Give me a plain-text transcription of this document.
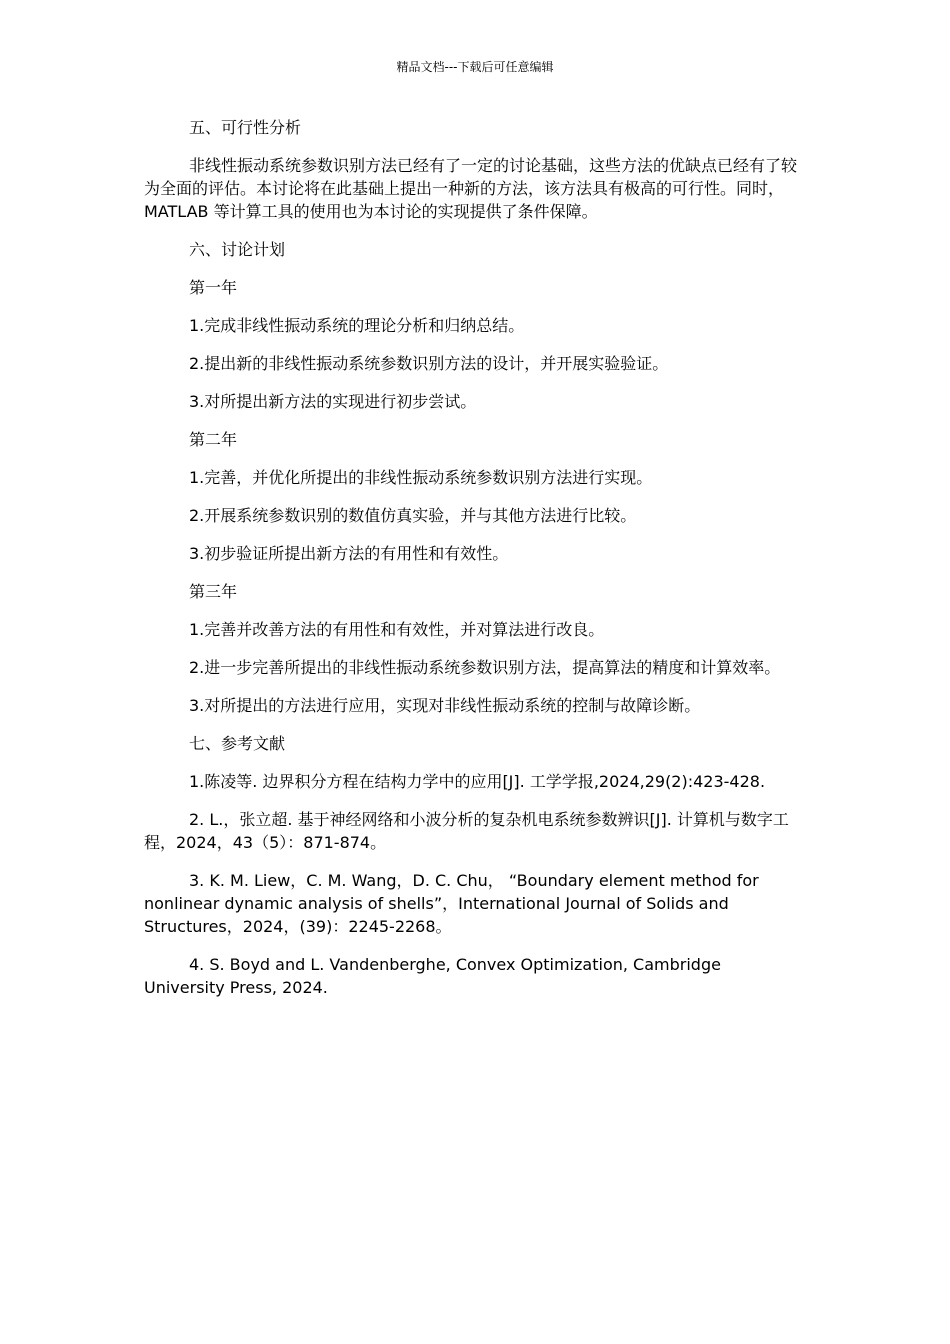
精品文档---下载后可任意编辑

五、可行性分析

非线性振动系统参数识别方法已经有了一定的讨论基础，这些方法的优缺点已经有了较为全面的评估。本讨论将在此基础上提出一种新的方法，该方法具有极高的可行性。同时，MATLAB 等计算工具的使用也为本讨论的实现提供了条件保障。

六、讨论计划

第一年

1.完成非线性振动系统的理论分析和归纳总结。

2.提出新的非线性振动系统参数识别方法的设计，并开展实验验证。

3.对所提出新方法的实现进行初步尝试。

第二年

1.完善，并优化所提出的非线性振动系统参数识别方法进行实现。

2.开展系统参数识别的数值仿真实验，并与其他方法进行比较。

3.初步验证所提出新方法的有用性和有效性。

第三年

1.完善并改善方法的有用性和有效性，并对算法进行改良。

2.进一步完善所提出的非线性振动系统参数识别方法，提高算法的精度和计算效率。

3.对所提出的方法进行应用，实现对非线性振动系统的控制与故障诊断。

七、参考文献

1.陈凌等. 边界积分方程在结构力学中的应用[J]. 工学学报,2024,29(2):423-428.

2. L.，张立超. 基于神经网络和小波分析的复杂机电系统参数辨识[J]. 计算机与数字工程，2024，43（5）：871-874。

3. K. M. Liew，C. M. Wang，D. C. Chu， “Boundary element method for nonlinear dynamic analysis of shells”，International Journal of Solids and Structures，2024，(39)：2245-2268。

4. S. Boyd and L. Vandenberghe, Convex Optimization, Cambridge University Press, 2024.
